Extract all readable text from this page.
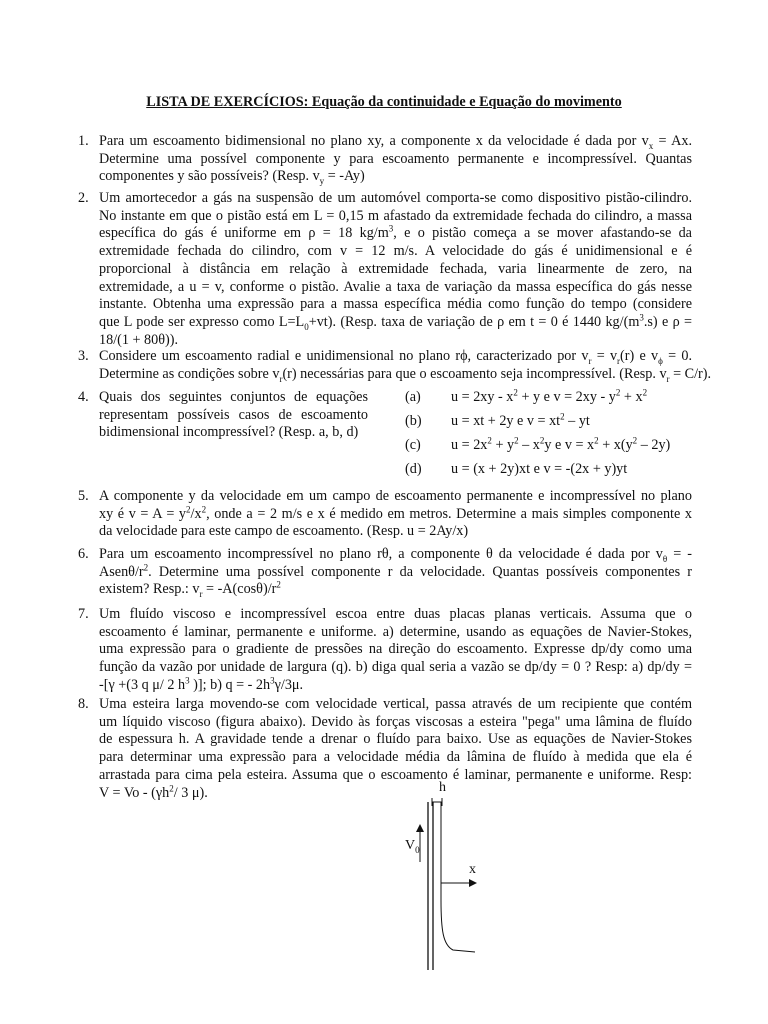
LISTA DE EXERCÍCIOS: Equação da continuidade e Equação do movimento
1. Para um escoamento bidimensional no plano xy, a componente x da velocidade é dada por $v_x = Ax$.
Determine uma possível componente y para escoamento permanente e incompressível. Quantas
componentes y são possíveis? (Resp. $v_y = -Ay$)
2. Um amortecedor a gás na suspensão de um automóvel comporta-se como dispositivo pistão-cilindro.
No instante em que o pistão está em L = 0,15 m afastado da extremidade fechada do cilindro, a massa
específica do gás é uniforme em ρ = 18 $kg/m^3$, e o pistão começa a se mover afastando-se da
extremidade fechada do cilindro, com v = 12 m/s. A velocidade do gás é unidimensional e é
proporcional à distância em relação à extremidade fechada, varia linearmente de zero, na
extremidade, a u = v, conforme o pistão. Avalie a taxa de variação da massa específica do gás nesse
instante. Obtenha uma expressão para a massa específica média como função do tempo (considere
que L pode ser expresso como $L=L_0+vt$). (Resp. taxa de variação de ρ em t = 0 é 1440 $kg/(m^3.s)$ e ρ =
18/(1 + 80θ)).
3. Considere um escoamento radial e unidimensional no plano rϕ, caracterizado por $v_r = v_r(r)$ e $v_\phi = 0$.
Determine as condições sobre $v_r(r)$ necessárias para que o escoamento seja incompressível. (Resp. $v_r = C/r$).
4. Quais dos seguintes conjuntos de equações
representam possíveis casos de escoamento
bidimensional incompressível? (Resp. a, b, d)
(a) $u = 2xy - x^2 + y$ e $v = 2xy - y^2 + x^2$
(b) u = xt + 2y e $v = xt^2$ – yt
(c) $u = 2x^2 + y^2 - x^2y$ e $v = x^2 + x(y^2 - 2y)$
(d) u = (x + 2y)xt e v = -(2x + y)yt
5. A componente y da velocidade em um campo de escoamento permanente e incompressível no plano
xy é $v = A = y^2/x^2$, onde a = 2 m/s e x é medido em metros. Determine a mais simples componente x
da velocidade para este campo de escoamento. (Resp. u = 2Ay/x)
6. Para um escoamento incompressível no plano rθ, a componente θ da velocidade é dada por $v_\theta$ = -
Asenθ/$r^2$. Determine uma possível componente r da velocidade. Quantas possíveis componentes r
existem? Resp.: $v_r = -A(\cos\theta)/r^2$
7. Um fluído viscoso e incompressível escoa entre duas placas planas verticais. Assuma que o
escoamento é laminar, permanente e uniforme. a) determine, usando as equações de Navier-Stokes,
uma expressão para o gradiente de pressões na direção do escoamento. Expresse dp/dy como uma
função da vazão por unidade de largura (q). b) diga qual seria a vazão se dp/dy = 0 ? Resp: a) dp/dy =
-[γ +(3 q μ/ 2 $h^3$ )]; b) q = - $2h^3\gamma/3\mu$.
8. Uma esteira larga movendo-se com velocidade vertical, passa através de um recipiente que contém
um líquido viscoso (figura abaixo). Devido às forças viscosas a esteira "pega" uma lâmina de fluído
de espessura h. A gravidade tende a drenar o fluído para baixo. Use as equações de Navier-Stokes
para determinar uma expressão para a velocidade média da lâmina de fluído à medida que ela é
arrastada para cima pela esteira. Assuma que o escoamento é laminar, permanente e uniforme. Resp:
$V = Vo - (\gamma h^2/$ 3 μ).	h
$V_0$
x
